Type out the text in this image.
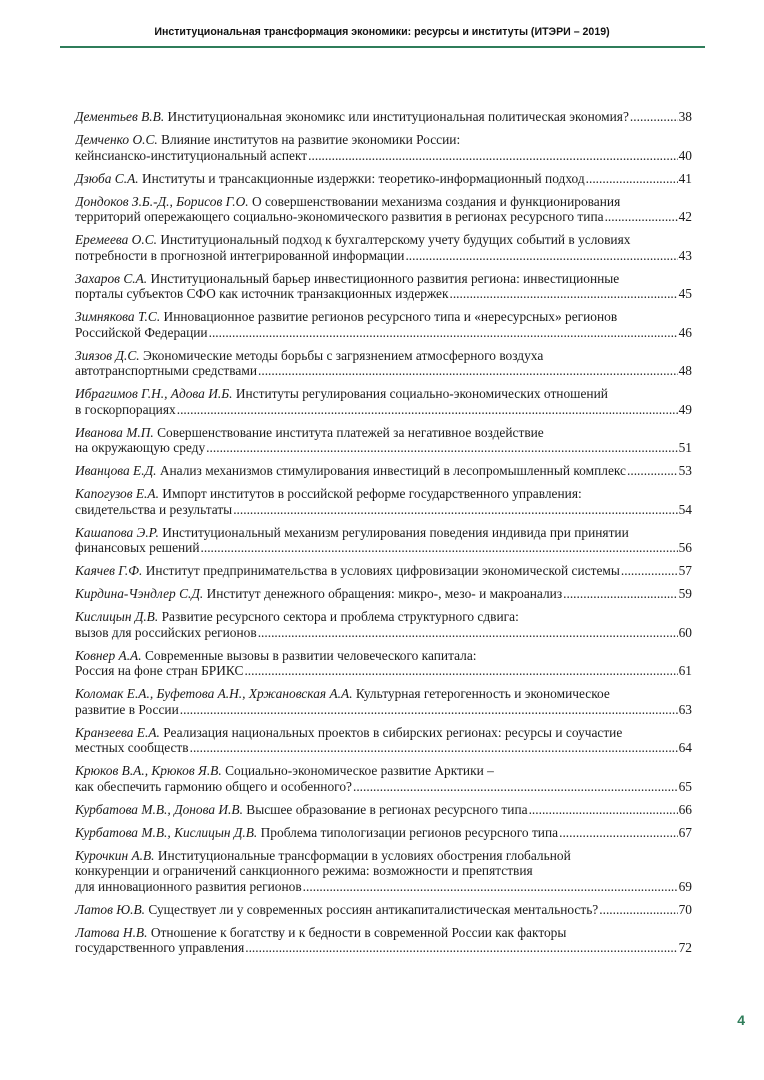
Институциональная трансформация экономики: ресурсы и институты (ИТЭРИ – 2019)
Дементьев В.В. Институциональная экономикс или институциональная политическая экономия? .....	38
Демченко О.С. Влияние институтов на развитие экономики России:
кейнсианско-институциональный аспект .....	40
Дзюба С.А. Институты и трансакционные издержки: теоретико-информационный подход .....	41
Дондоков З.Б.-Д., Борисов Г.О. О совершенствовании механизма создания и функционирования
территорий опережающего социально-экономического развития в регионах ресурсного типа .....	42
Еремеева О.С. Институциональный подход к бухгалтерскому учету будущих событий в условиях
потребности в прогнозной интегрированной информации .....	43
Захаров С.А. Институциональный барьер инвестиционного развития региона: инвестиционные
порталы субъектов СФО как источник транзакционных издержек .....	45
Зимнякова Т.С. Инновационное развитие регионов ресурсного типа и «нересурсных» регионов
Российской Федерации .....	46
Зиязов Д.С. Экономические методы борьбы с загрязнением атмосферного воздуха
автотранспортными средствами .....	48
Ибрагимов Г.Н., Адова И.Б. Институты регулирования социально-экономических отношений
в госкорпорациях .....	49
Иванова М.П. Совершенствование института платежей за негативное воздействие
на окружающую среду .....	51
Иванцова Е.Д. Анализ механизмов стимулирования инвестиций в лесопромышленный комплекс .....	53
Капогузов Е.А. Импорт институтов в российской реформе государственного управления:
свидетельства и результаты .....	54
Кашапова Э.Р. Институциональный механизм регулирования поведения индивида при принятии
финансовых решений .....	56
Каячев Г.Ф. Институт предпринимательства в условиях цифровизации экономической системы .....	57
Кирдина-Чэндлер С.Д. Институт денежного обращения: микро-, мезо- и макроанализ .....	59
Кислицын Д.В. Развитие ресурсного сектора и проблема структурного сдвига:
вызов для российских регионов .....	60
Ковнер А.А. Современные вызовы в развитии человеческого капитала:
Россия на фоне стран БРИКС .....	61
Коломак Е.А., Буфетова А.Н., Хржановская А.А. Культурная гетерогенность и экономическое
развитие в России .....	63
Кранзеева Е.А. Реализация национальных проектов в сибирских регионах: ресурсы и соучастие
местных сообществ .....	64
Крюков В.А., Крюков Я.В. Социально-экономическое развитие Арктики –
как обеспечить гармонию общего и особенного? .....	65
Курбатова М.В., Донова И.В. Высшее образование в регионах ресурсного типа .....	66
Курбатова М.В., Кислицын Д.В. Проблема типологизации регионов ресурсного типа .....	67
Курочкин А.В. Институциональные трансформации в условиях обострения глобальной
конкуренции и ограничений санкционного режима: возможности и препятствия
для инновационного развития регионов .....	69
Латов Ю.В. Существует ли у современных россиян антикапиталистическая ментальность? .....	70
Латова Н.В. Отношение к богатству и к бедности в современной России как факторы
государственного управления .....	72
4
